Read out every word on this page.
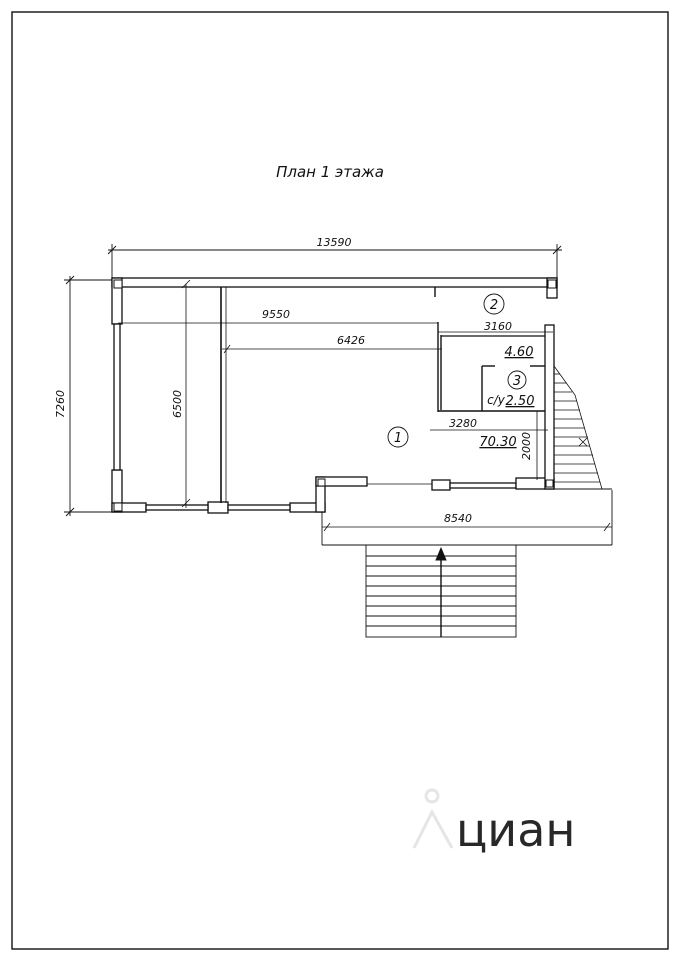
План 1 этажа
13590
7260
9550
6426
6500
3160
3280
2000
8540
1	70.30
2
4.60
3
с/у 2.50
циан
